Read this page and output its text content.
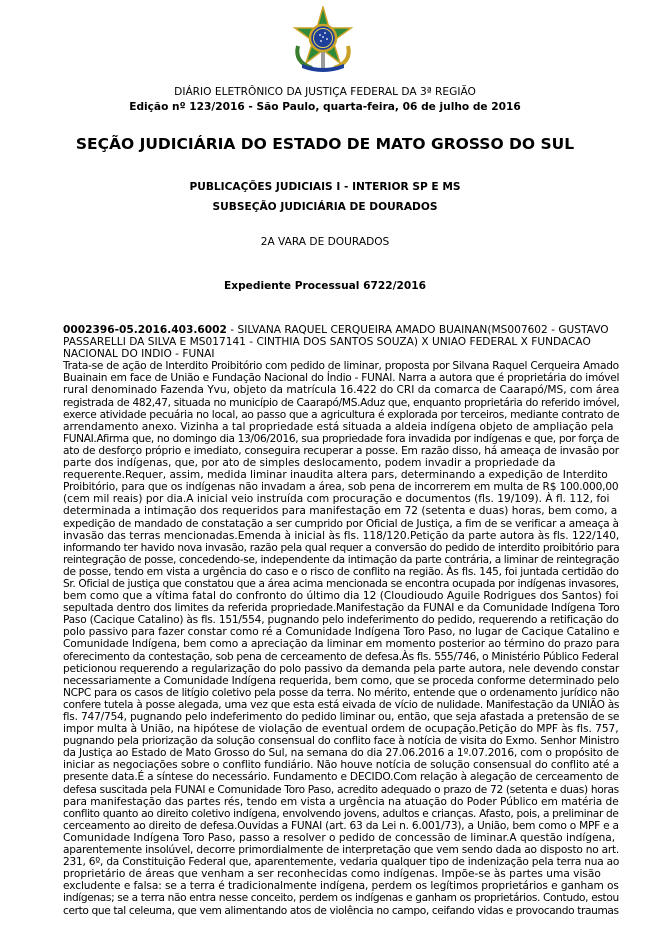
DIÁRIO ELETRÔNICO DA JUSTIÇA FEDERAL DA 3ª REGIÃO
Edição nº 123/2016 - São Paulo, quarta-feira, 06 de julho de 2016
SEÇÃO JUDICIÁRIA DO ESTADO DE MATO GROSSO DO SUL
PUBLICAÇÕES JUDICIAIS I - INTERIOR SP E MS
SUBSEÇÃO JUDICIÁRIA DE DOURADOS
2A VARA DE DOURADOS
Expediente Processual 6722/2016
0002396-05.2016.403.6002 - SILVANA RAQUEL CERQUEIRA AMADO BUAINAN(MS007602 - GUSTAVO
PASSARELLI DA SILVA E MS017141 - CINTHIA DOS SANTOS SOUZA) X UNIAO FEDERAL X FUNDACAO
NACIONAL DO INDIO - FUNAI
Trata-se de ação de Interdito Proibitório com pedido de liminar, proposta por Silvana Raquel Cerqueira Amado
Buainain em face de União e Fundação Nacional do Índio - FUNAI. Narra a autora que é proprietária do imóvel
rural denominado Fazenda Yvu, objeto da matrícula 16.422 do CRI da comarca de Caarapó/MS, com área
registrada de 482,47, situada no município de Caarapó/MS.Aduz que, enquanto proprietária do referido imóvel,
exerce atividade pecuária no local, ao passo que a agricultura é explorada por terceiros, mediante contrato de
arrendamento anexo. Vizinha a tal propriedade está situada a aldeia indígena objeto de ampliação pela
FUNAI.Afirma que, no domingo dia 13/06/2016, sua propriedade fora invadida por indígenas e que, por força de
ato de desforço próprio e imediato, conseguira recuperar a posse. Em razão disso, há ameaça de invasão por
parte dos indígenas, que, por ato de simples deslocamento, podem invadir a propriedade da
requerente.Requer, assim, medida liminar inaudita altera pars, determinando a expedição de Interdito
Proibitório, para que os indígenas não invadam a área, sob pena de incorrerem em multa de R$ 100.000,00
(cem mil reais) por dia.A inicial veio instruída com procuração e documentos (fls. 19/109). À fl. 112, foi
determinada a intimação dos requeridos para manifestação em 72 (setenta e duas) horas, bem como, a
expedição de mandado de constatação a ser cumprido por Oficial de Justiça, a fim de se verificar a ameaça à
invasão das terras mencionadas.Emenda à inicial às fls. 118/120.Petição da parte autora às fls. 122/140,
informando ter havido nova invasão, razão pela qual requer a conversão do pedido de interdito proibitório para
reintegração de posse, concedendo-se, independente da intimação da parte contrária, a liminar de reintegração
de posse, tendo em vista a urgência do caso e o risco de conflito na região. Às fls. 145, foi juntada certidão do
Sr. Oficial de justiça que constatou que a área acima mencionada se encontra ocupada por indígenas invasores,
bem como que a vítima fatal do confronto do último dia 12 (Cloudioudo Aguile Rodrigues dos Santos) foi
sepultada dentro dos limites da referida propriedade.Manifestação da FUNAI e da Comunidade Indígena Toro
Paso (Cacique Catalino) às fls. 151/554, pugnando pelo indeferimento do pedido, requerendo a retificação do
polo passivo para fazer constar como ré a Comunidade Indígena Toro Paso, no lugar de Cacique Catalino e
Comunidade Indígena, bem como a apreciação da liminar em momento posterior ao término do prazo para
oferecimento da contestação, sob pena de cerceamento de defesa.Às fls. 555/746, o Ministério Público Federal
peticionou requerendo a regularização do polo passivo da demanda pela parte autora, nele devendo constar
necessariamente a Comunidade Indígena requerida, bem como, que se proceda conforme determinado pelo
NCPC para os casos de litígio coletivo pela posse da terra. No mérito, entende que o ordenamento jurídico não
confere tutela à posse alegada, uma vez que esta está eivada de vício de nulidade. Manifestação da UNIÃO às
fls. 747/754, pugnando pelo indeferimento do pedido liminar ou, então, que seja afastada a pretensão de se
impor multa à União, na hipótese de violação de eventual ordem de ocupação.Petição do MPF às fls. 757,
pugnando pela priorização da solução consensual do conflito face à notícia de visita do Exmo. Senhor Ministro
da Justiça ao Estado de Mato Grosso do Sul, na semana do dia 27.06.2016 a 1º.07.2016, com o propósito de
iniciar as negociações sobre o conflito fundiário. Não houve notícia de solução consensual do conflito até a
presente data.É a síntese do necessário. Fundamento e DECIDO.Com relação à alegação de cerceamento de
defesa suscitada pela FUNAI e Comunidade Toro Paso, acredito adequado o prazo de 72 (setenta e duas) horas
para manifestação das partes rés, tendo em vista a urgência na atuação do Poder Público em matéria de
conflito quanto ao direito coletivo indígena, envolvendo jovens, adultos e crianças. Afasto, pois, a preliminar de
cerceamento ao direito de defesa.Ouvidas a FUNAI (art. 63 da Lei n. 6.001/73), a União, bem como o MPF e a
Comunidade Indígena Toro Paso, passo a resolver o pedido de concessão de liminar.A questão indígena,
aparentemente insolúvel, decorre primordialmente de interpretação que vem sendo dada ao disposto no art.
231, 6º, da Constituição Federal que, aparentemente, vedaria qualquer tipo de indenização pela terra nua ao
proprietário de áreas que venham a ser reconhecidas como indígenas. Impõe-se às partes uma visão
excludente e falsa: se a terra é tradicionalmente indígena, perdem os legítimos proprietários e ganham os
indígenas; se a terra não entra nesse conceito, perdem os indígenas e ganham os proprietários. Contudo, estou
certo que tal celeuma, que vem alimentando atos de violência no campo, ceifando vidas e provocando traumas
